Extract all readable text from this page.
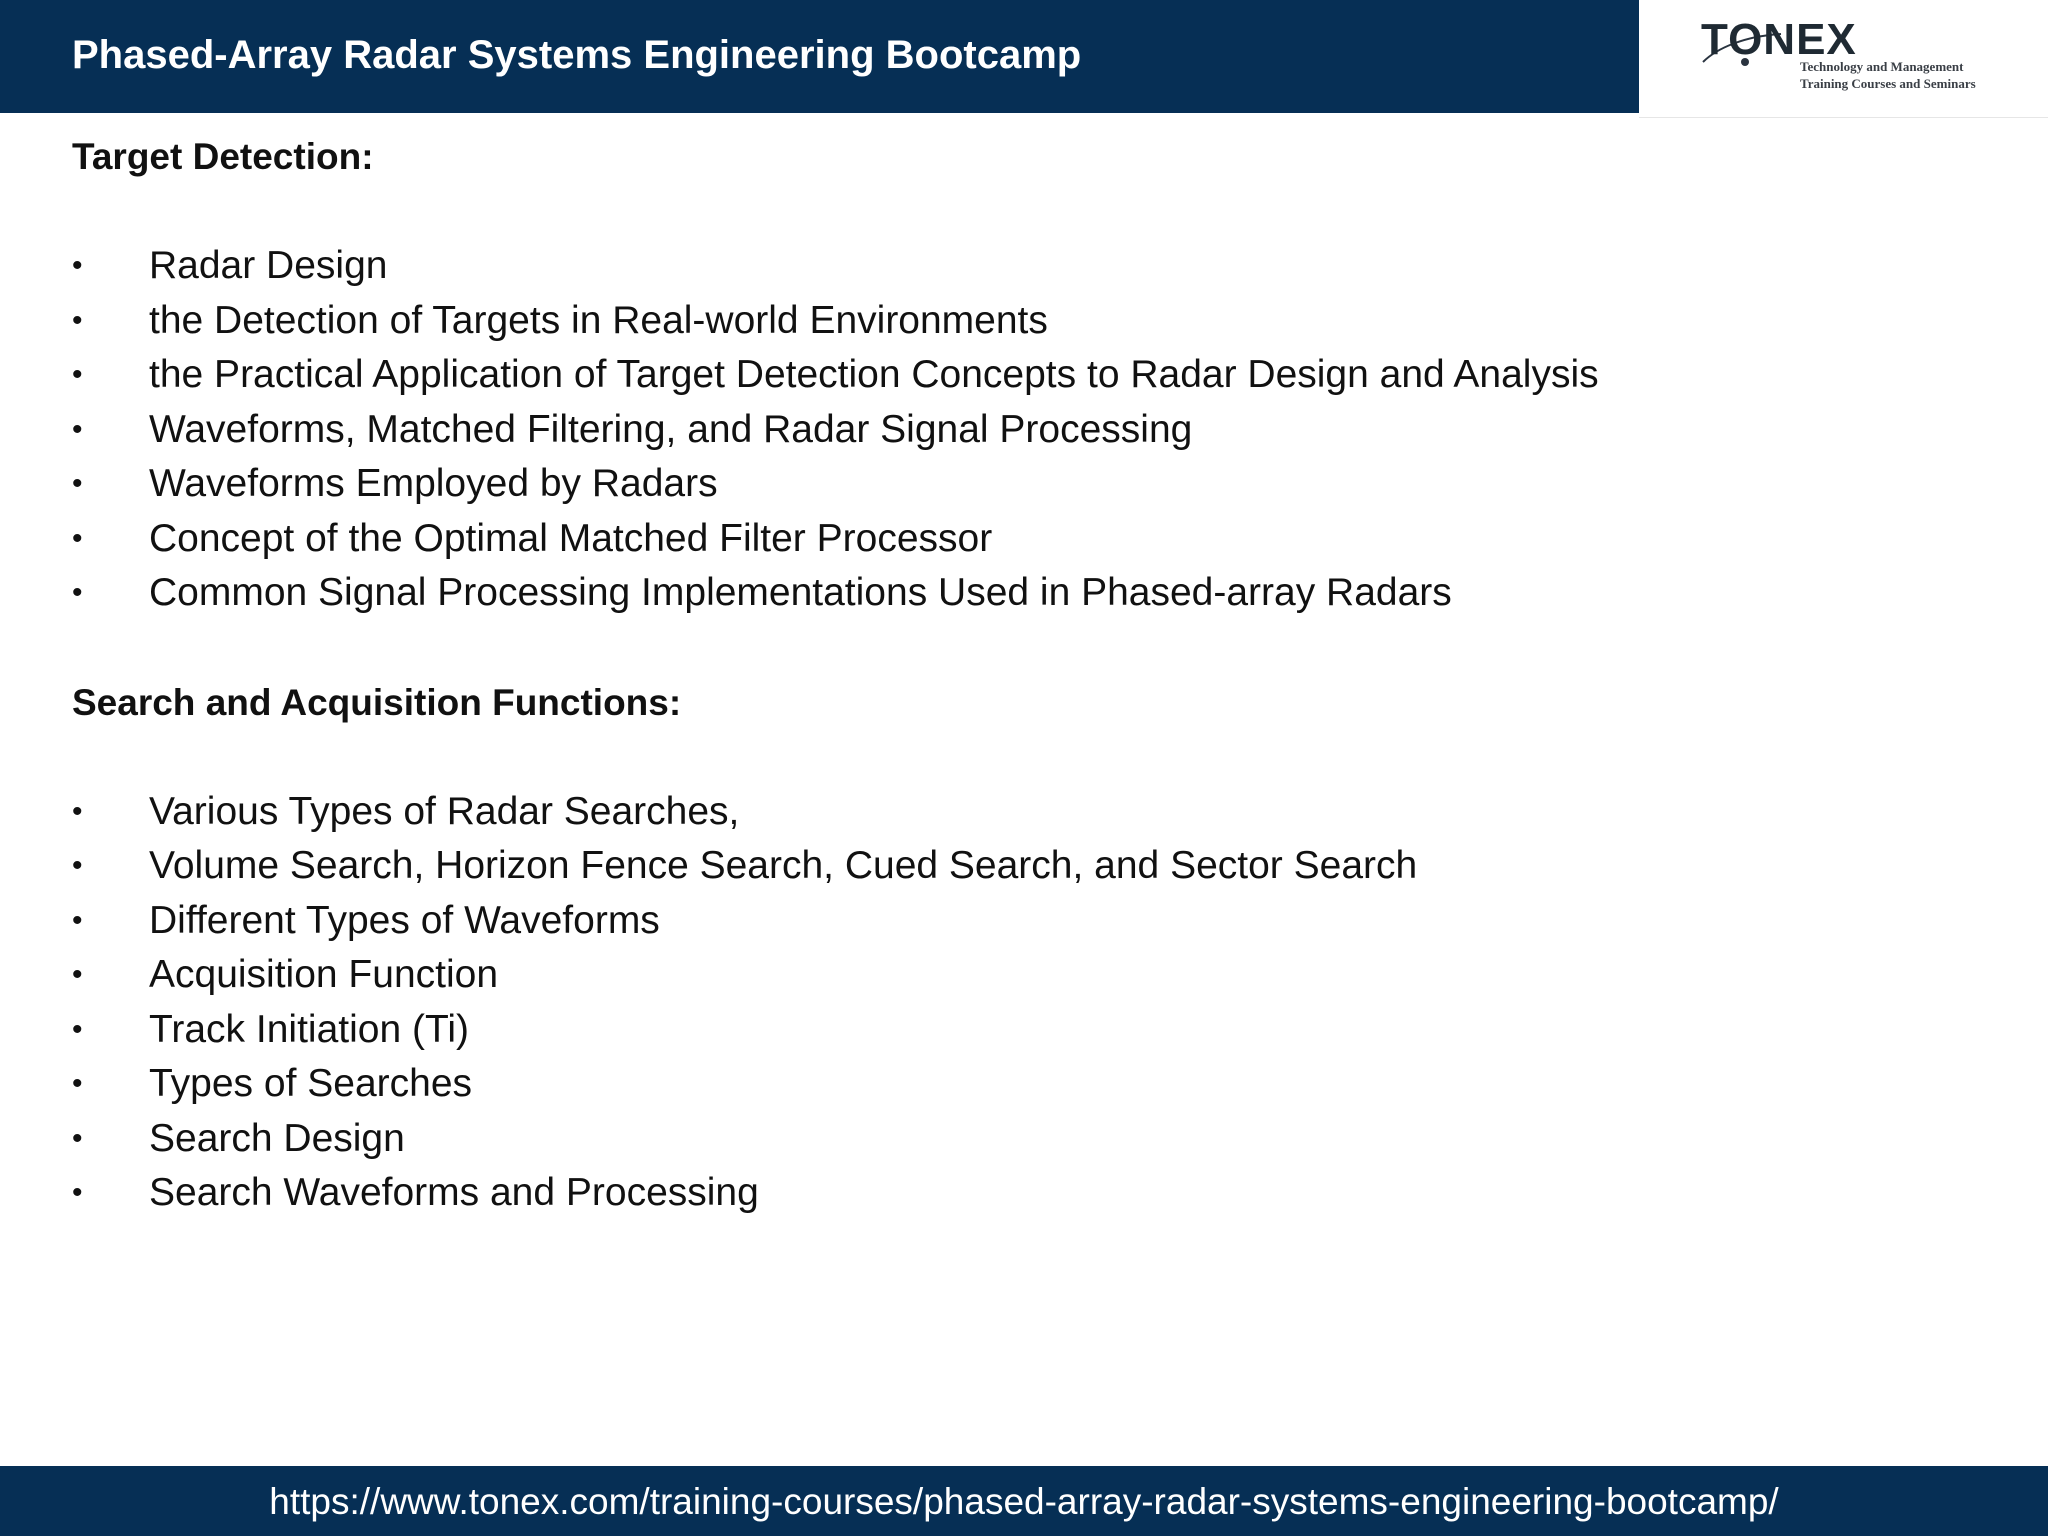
Phased-Array Radar Systems Engineering Bootcamp	TONEX
Technology and Management
Training Courses and Seminars
Target Detection:
• Radar Design
• the Detection of Targets in Real-world Environments
• the Practical Application of Target Detection Concepts to Radar Design and Analysis
• Waveforms, Matched Filtering, and Radar Signal Processing
• Waveforms Employed by Radars
• Concept of the Optimal Matched Filter Processor
• Common Signal Processing Implementations Used in Phased-array Radars
Search and Acquisition Functions:
• Various Types of Radar Searches,
• Volume Search, Horizon Fence Search, Cued Search, and Sector Search
• Different Types of Waveforms
• Acquisition Function
• Track Initiation (Ti)
• Types of Searches
• Search Design
• Search Waveforms and Processing
https://www.tonex.com/training-courses/phased-array-radar-systems-engineering-bootcamp/
